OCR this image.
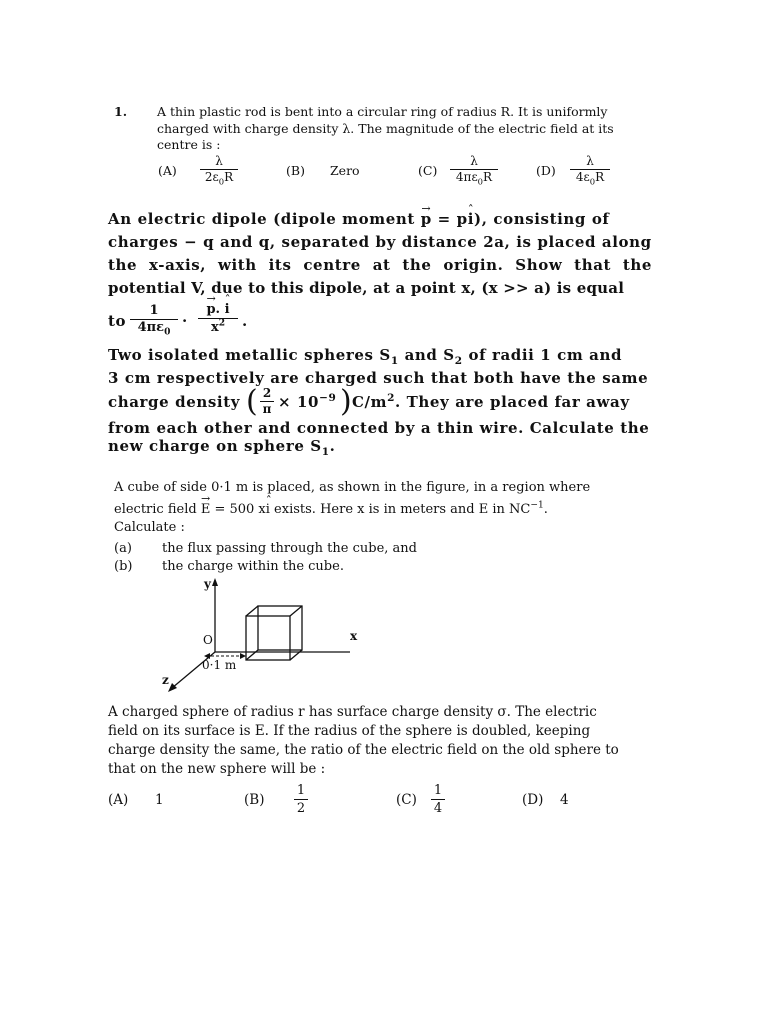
1. A thin plastic rod is bent into a circular ring of radius R. It is uniformly
charged with charge density λ. The magnitude of the electric field at its
centre is :
$(A) \frac{\lambda}{2\varepsilon_0R}$	(B) Zero	$(C) \frac{\lambda}{4\pi\varepsilon_0R}$	$(D) \frac{\lambda}{4\varepsilon_0R}$
An electric dipole (dipole moment → p = pˆ i), consisting of
charges − q and q, separated by distance 2a, is placed along
the x-axis, with its centre at the origin. Show that the
potential V, due to this dipole, at a point x, (x >> a) is equal
to $\frac{1}{4\pi\varepsilon_0}$ ·
→ $\frac{\text{p. ˆ i}}{x^2}$ .
Two isolated metallic spheres $S_1$ and $S_2$ of radii 1 cm and
3 cm respectively are charged such that both have the same
charge density ( $\frac{2}{\pi} \times 10^{-9}$ ) $C/m^2$. They are placed far away
from each other and connected by a thin wire. Calculate the
new charge on sphere $S_1$.
A cube of side 0·1 m is placed, as shown in the figure, in a region where
electric field → E = 500 xˆ i exists. Here x is in meters and E in $NC^{-1}$.
Calculate :
(a) the flux passing through the cube, and
(b) the charge within the cube.
y
x
z
O
0·1 m
A charged sphere of radius r has surface charge density σ. The electric
field on its surface is E. If the radius of the sphere is doubled, keeping
charge density the same, the ratio of the electric field on the old sphere to
that on the new sphere will be :
(A) 1	$(B) \frac{1}{2}$	$(C) \frac{1}{4}$	(D) 4
